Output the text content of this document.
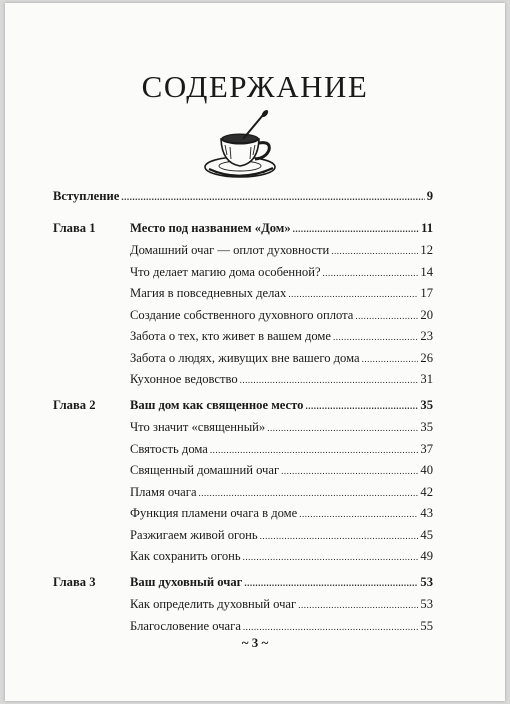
СОДЕРЖАНИЕ
Вступление .....	9
Глава 1	Место под названием «Дом» .....	11
Домашний очаг — оплот духовности .....	12
Что делает магию дома особенной? .....	14
Магия в повседневных делах .....	17
Создание собственного духовного оплота .....	20
Забота о тех, кто живет в вашем доме .....	23
Забота о людях, живущих вне вашего дома .....	26
Кухонное ведовство .....	31
Глава 2	Ваш дом как священное место .....	35
Что значит «священный» .....	35
Святость дома .....	37
Священный домашний очаг .....	40
Пламя очага .....	42
Функция пламени очага в доме .....	43
Разжигаем живой огонь .....	45
Как сохранить огонь .....	49
Глава 3	Ваш духовный очаг .....	53
Как определить духовный очаг .....	53
Благословение очага .....	55
~ 3 ~
